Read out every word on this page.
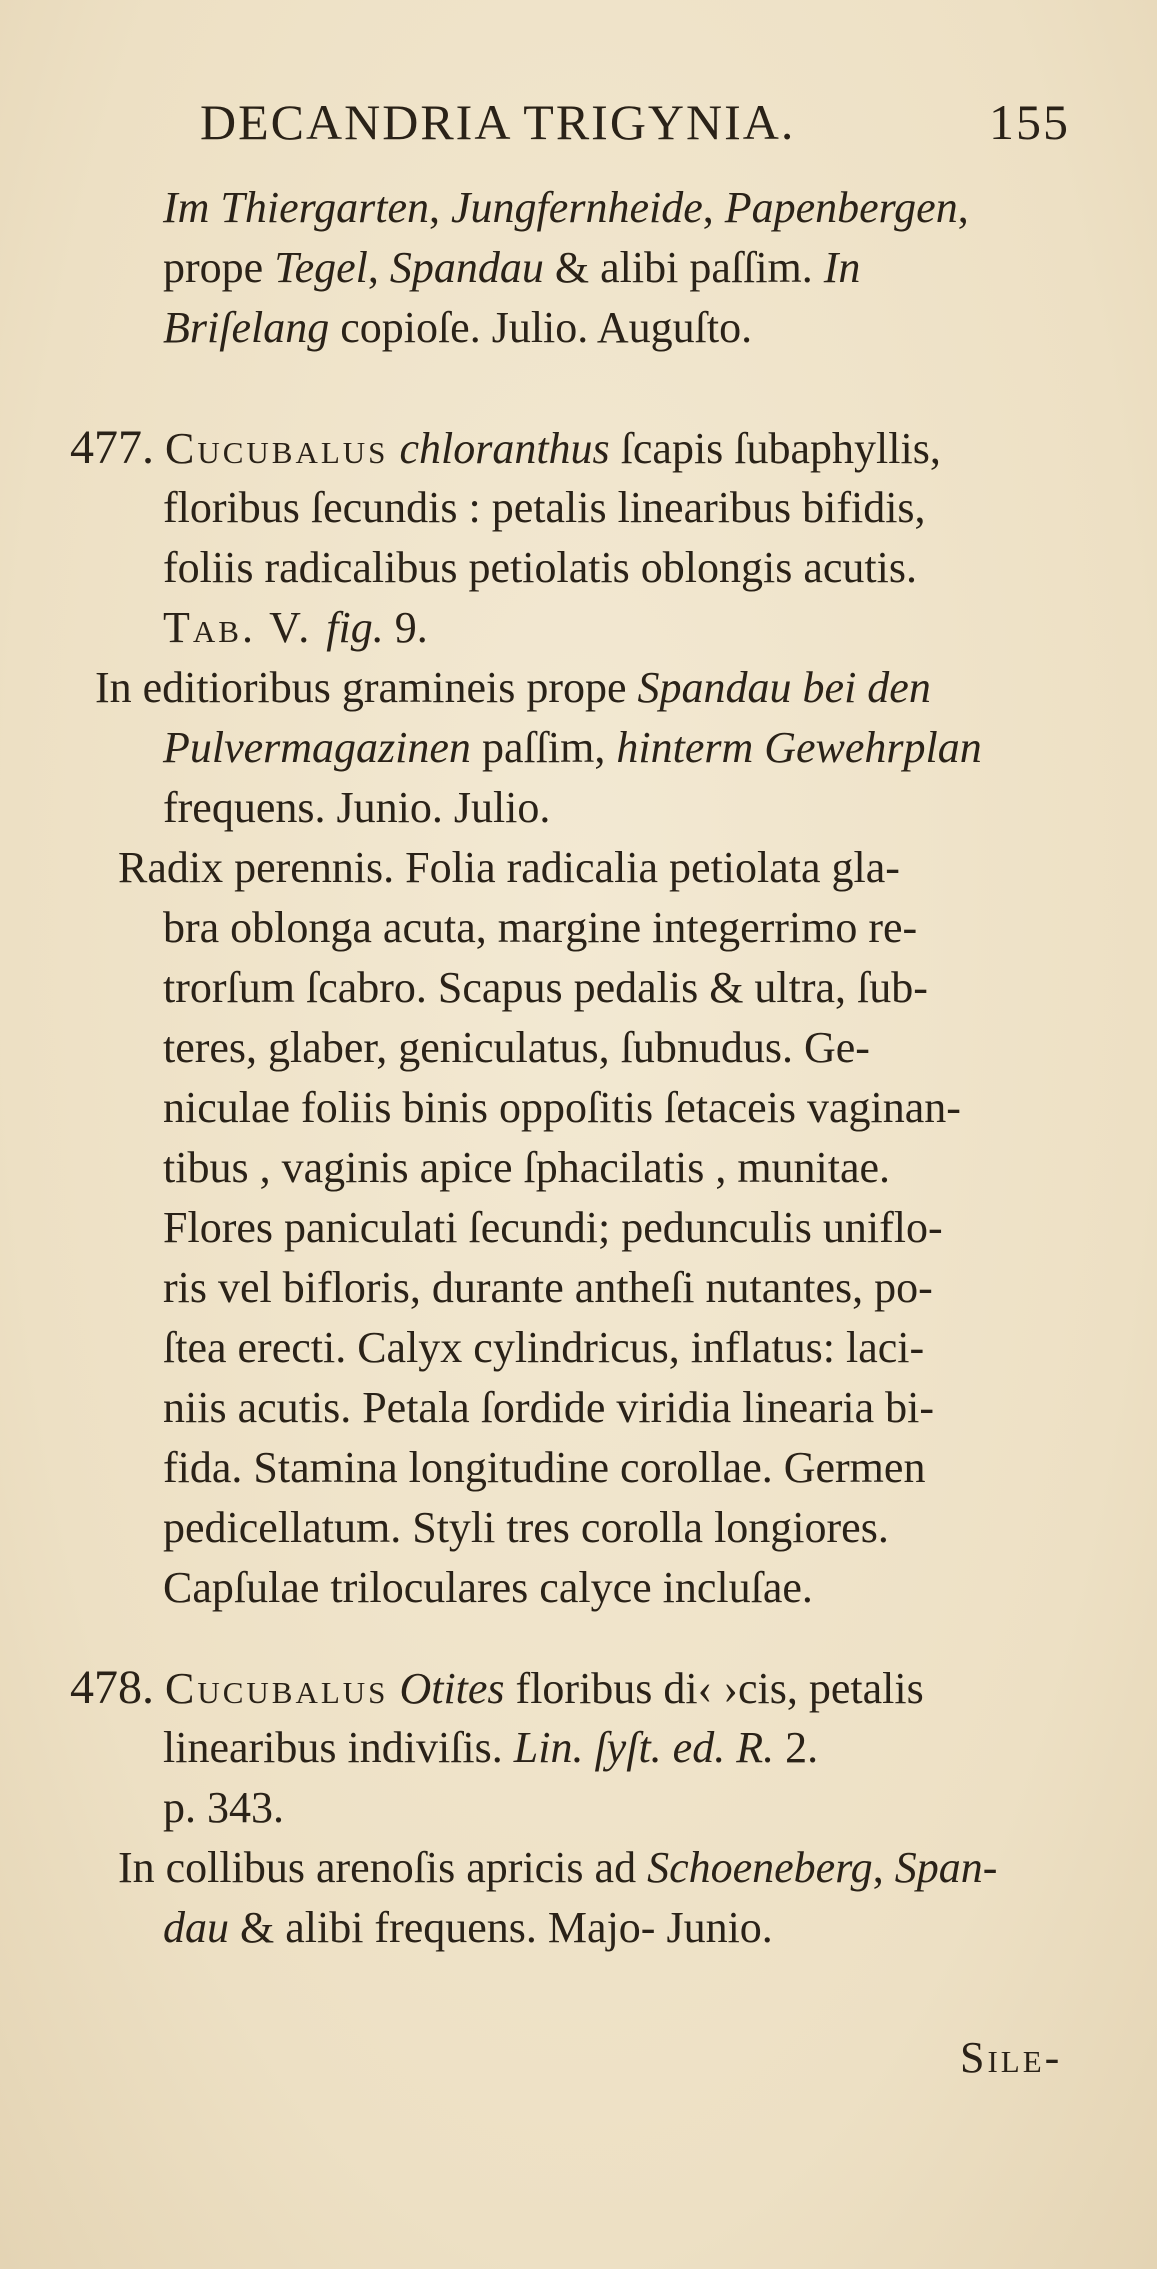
DECANDRIA TRIGYNIA.	155
Im Thiergarten, Jungfernheide, Papenbergen,
prope Tegel, Spandau & alibi paſſim. In
Briſelang copioſe. Julio. Auguſto.
477. Cucubalus chloranthus ſcapis ſubaphyllis,
floribus ſecundis : petalis linearibus bifidis,
foliis radicalibus petiolatis oblongis acutis.
Tab. V. fig. 9.
In editioribus gramineis prope Spandau bei den
Pulvermagazinen paſſim, hinterm Gewehrplan
frequens. Junio. Julio.
Radix perennis. Folia radicalia petiolata gla-
bra oblonga acuta, margine integerrimo re-
trorſum ſcabro. Scapus pedalis & ultra, ſub-
teres, glaber, geniculatus, ſubnudus. Ge-
niculae foliis binis oppoſitis ſetaceis vaginan-
tibus , vaginis apice ſphacilatis , munitae.
Flores paniculati ſecundi; pedunculis uniflo-
ris vel bifloris, durante antheſi nutantes, po-
ſtea erecti. Calyx cylindricus, inflatus: laci-
niis acutis. Petala ſordide viridia linearia bi-
fida. Stamina longitudine corollae. Germen
pedicellatum. Styli tres corolla longiores.
Capſulae triloculares calyce incluſae.
478. Cucubalus Otites floribus di‹ ›cis, petalis
linearibus indiviſis. Lin. ſyſt. ed. R. 2.
p. 343.
In collibus arenoſis apricis ad Schoeneberg, Span-
dau & alibi frequens. Majo- Junio.
Sile-
